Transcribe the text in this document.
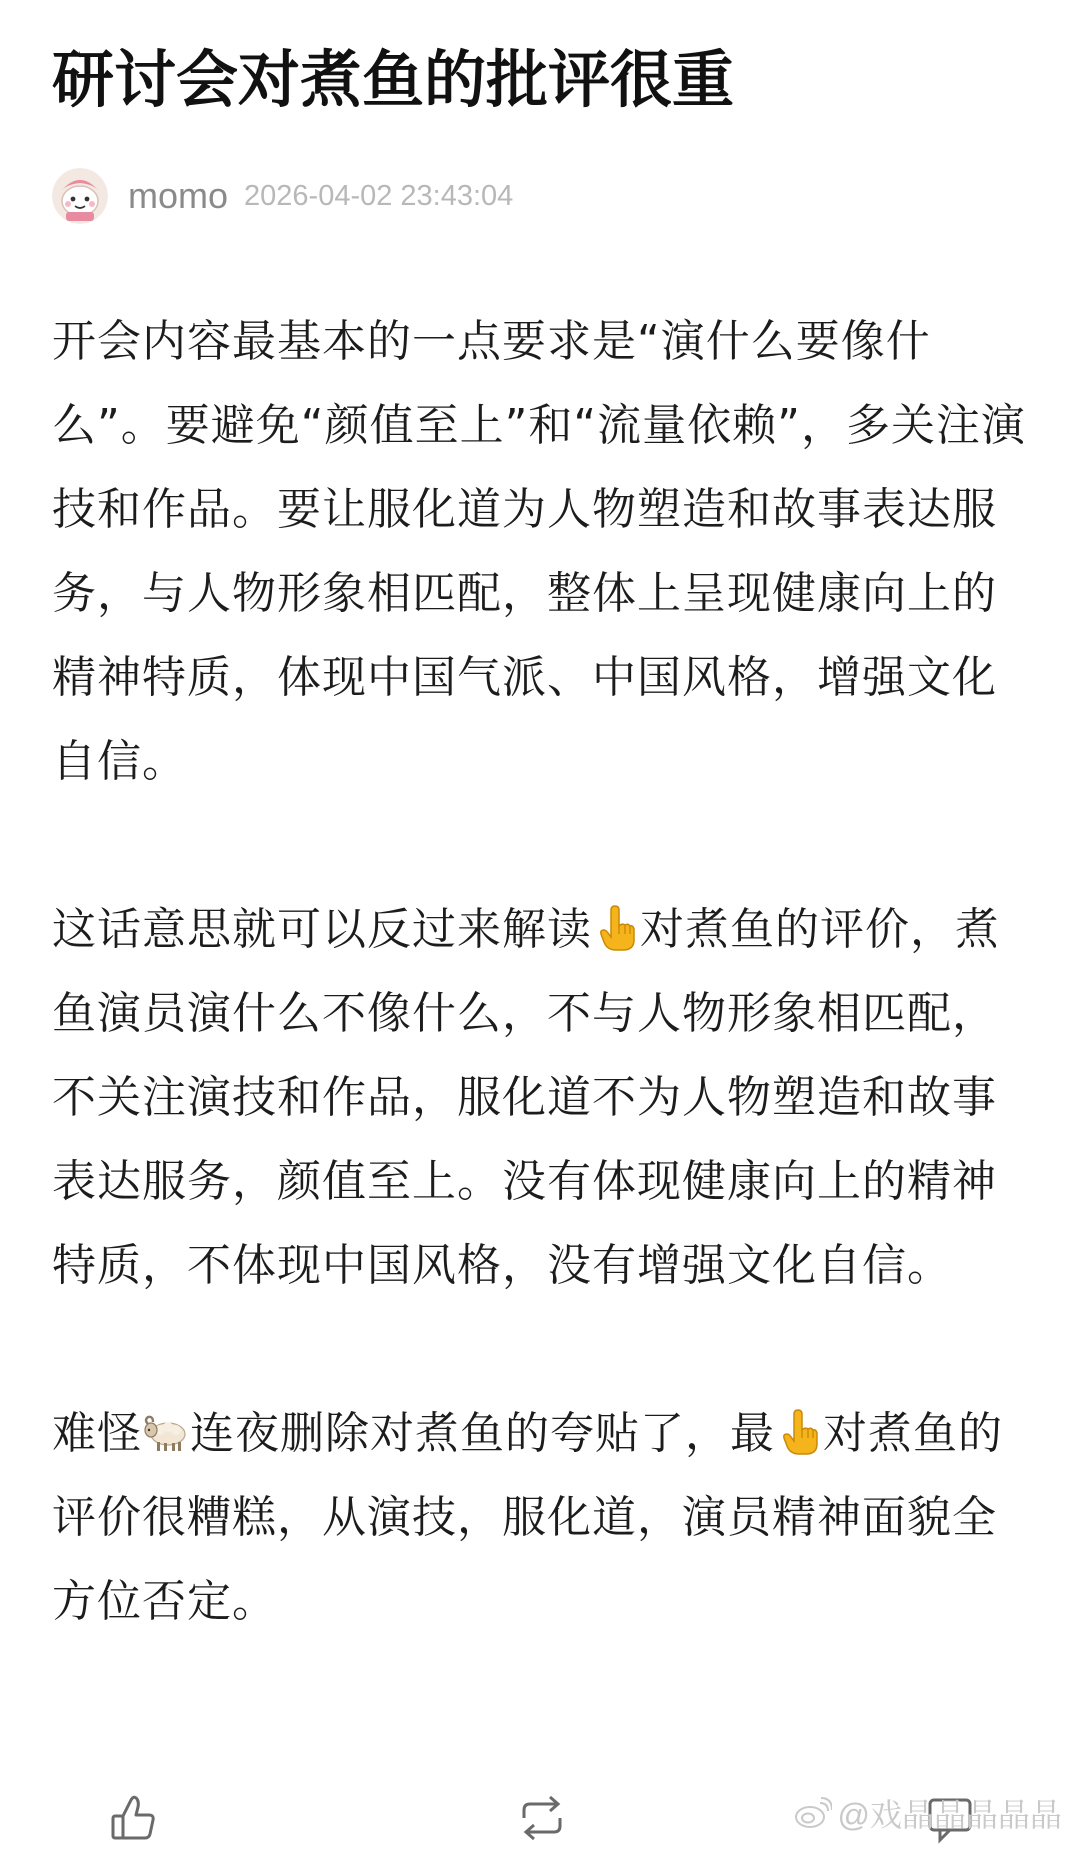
研讨会对煮鱼的批评很重
momo 2026-04-02 23:43:04

开会内容最基本的一点要求是“演什么要像什么”。要避免“颜值至上”和“流量依赖”，多关注演技和作品。要让服化道为人物塑造和故事表达服务，与人物形象相匹配，整体上呈现健康向上的精神特质，体现中国气派、中国风格，增强文化自信。

这话意思就可以反过来解读 对煮鱼的评价，煮鱼演员演什么不像什么，不与人物形象相匹配，不关注演技和作品，服化道不为人物塑造和故事表达服务，颜值至上。没有体现健康向上的精神特质，不体现中国风格，没有增强文化自信。

难怪 连夜删除对煮鱼的夸贴了，最 对煮鱼的评价很糟糕，从演技，服化道，演员精神面貌全方位否定。

@戏晶晶晶晶晶
